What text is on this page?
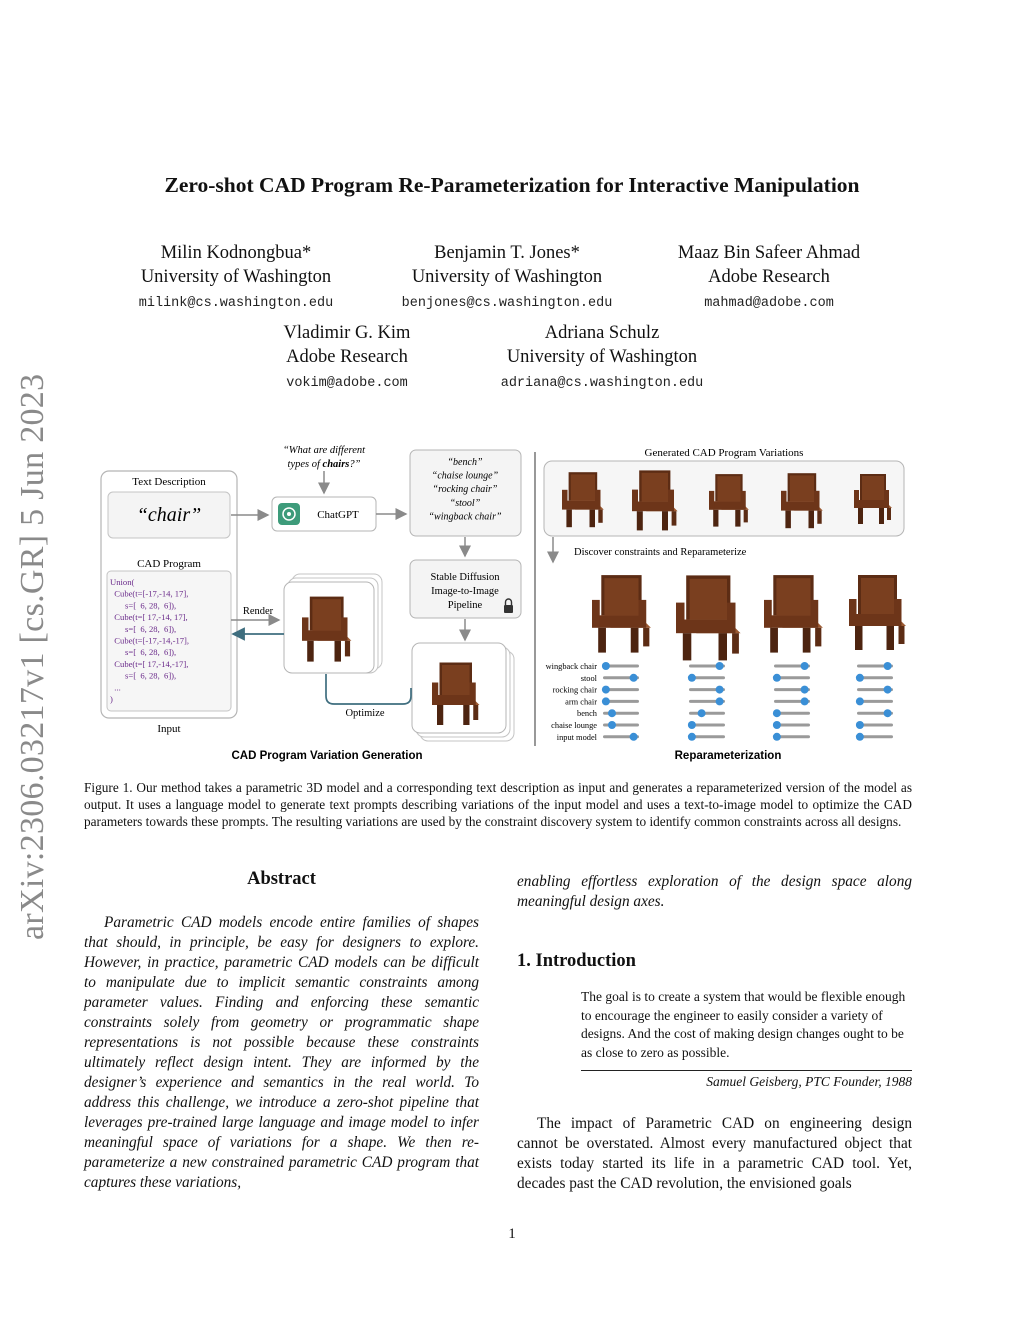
Zero-shot CAD Program Re-Parameterization for Interactive Manipulation
Milin Kodnongbua*
University of Washington
milink@cs.washington.edu
Benjamin T. Jones*
University of Washington
benjones@cs.washington.edu
Maaz Bin Safeer Ahmad
Adobe Research
mahmad@adobe.com
Vladimir G. Kim
Adobe Research
vokim@adobe.com
Adriana Schulz
University of Washington
adriana@cs.washington.edu
arXiv:2306.03217v1 [cs.GR] 5 Jun 2023	Text Description
“chair”
CAD Program
Union(
Cube(t=[-17,-14, 17],
s=[  6, 28,  6]),
Cube(t=[ 17,-14, 17],
s=[  6, 28,  6]),
Cube(t=[-17,-14,-17],
s=[  6, 28,  6]),
Cube(t=[ 17,-14,-17],
s=[  6, 28,  6]),
...
)
Input
“What are different
types of chairs?”
ChatGPT
“bench”
“chaise lounge”
“rocking chair”
“stool”
“wingback chair”
Stable Diffusion
Image-to-Image
Pipeline
Render
Optimize
CAD Program Variation Generation
Generated CAD Program Variations
Discover constraints and Reparameterize
wingback chair
stool
rocking chair
arm chair
bench
chaise lounge
input model
Reparameterization
Figure 1. Our method takes a parametric 3D model and a corresponding text description as input and generates a reparameterized version of the model as output. It uses a language model to generate text prompts describing variations of the input model and uses a text-to-image model to optimize the CAD parameters towards these prompts. The resulting variations are used by the constraint discovery system to identify common constraints across all designs.
Abstract
Parametric CAD models encode entire families of shapes that should, in principle, be easy for designers to explore. However, in practice, parametric CAD models can be difficult to manipulate due to implicit semantic constraints among parameter values. Finding and enforcing these semantic constraints solely from geometry or programmatic shape representations is not possible because these constraints ultimately reflect design intent. They are informed by the designer’s experience and semantics in the real world. To address this challenge, we introduce a zero-shot pipeline that leverages pre-trained large language and image model to infer meaningful space of variations for a shape. We then re-parameterize a new constrained parametric CAD program that captures these variations,
enabling effortless exploration of the design space along meaningful design axes.
1. Introduction
The goal is to create a system that would be flexible enough to encourage the engineer to easily consider a variety of designs. And the cost of making design changes ought to be as close to zero as possible.
Samuel Geisberg, PTC Founder, 1988
The impact of Parametric CAD on engineering design cannot be overstated. Almost every manufactured object that exists today started its life in a parametric CAD tool. Yet, decades past the CAD revolution, the envisioned goals
1
